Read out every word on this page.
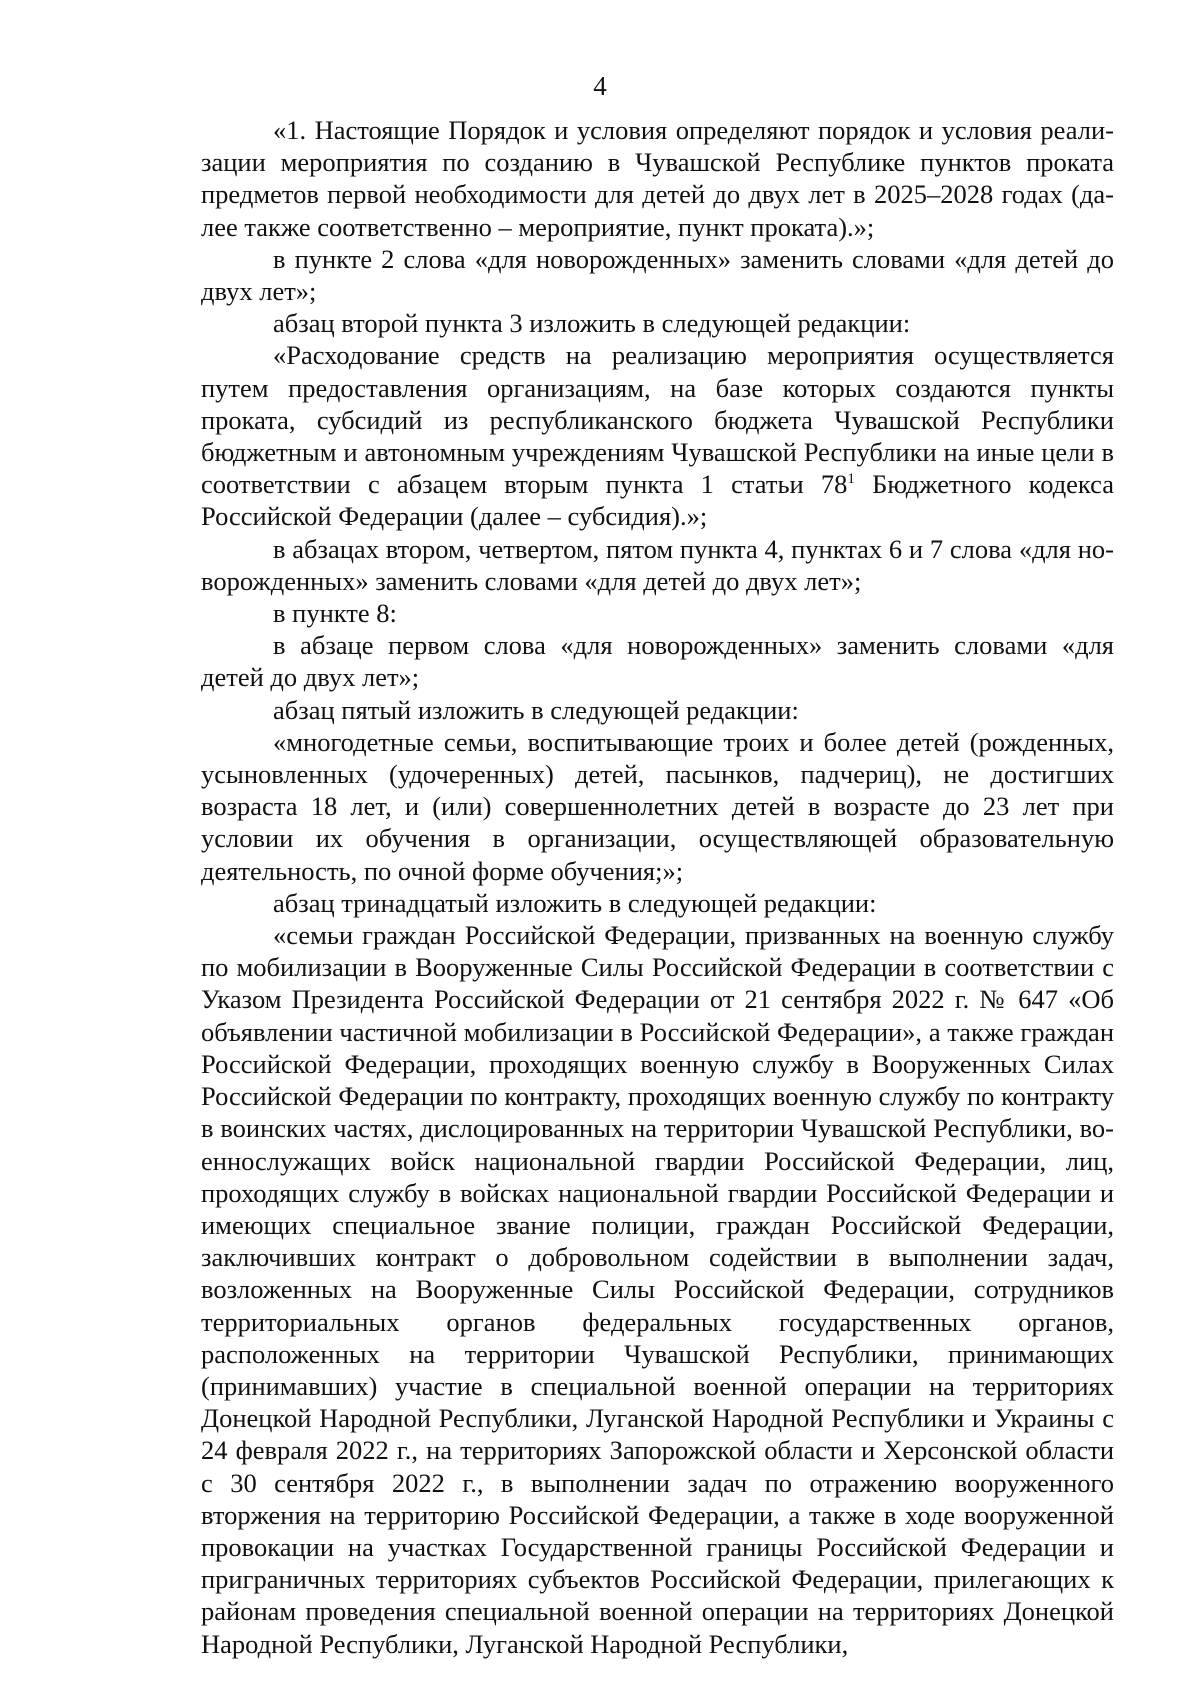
4

«1. Настоящие Порядок и условия определяют порядок и условия реализации мероприятия по созданию в Чувашской Республике пунктов проката предметов первой необходимости для детей до двух лет в 2025–2028 годах (далее также соответственно – мероприятие, пункт проката).»;

в пункте 2 слова «для новорожденных» заменить словами «для детей до двух лет»;

абзац второй пункта 3 изложить в следующей редакции:

«Расходование средств на реализацию мероприятия осуществляется путем предоставления организациям, на базе которых создаются пункты проката, субсидий из республиканского бюджета Чувашской Республики бюджетным и автономным учреждениям Чувашской Республики на иные цели в соответствии с абзацем вторым пункта 1 статьи $78^1$ Бюджетного кодекса Российской Федерации (далее – субсидия).»;

в абзацах втором, четвертом, пятом пункта 4, пунктах 6 и 7 слова «для новорожденных» заменить словами «для детей до двух лет»;

в пункте 8:

в абзаце первом слова «для новорожденных» заменить словами «для детей до двух лет»;

абзац пятый изложить в следующей редакции:

«многодетные семьи, воспитывающие троих и более детей (рожденных, усыновленных (удочеренных) детей, пасынков, падчериц), не достигших возраста 18 лет, и (или) совершеннолетних детей в возрасте до 23 лет при условии их обучения в организации, осуществляющей образовательную деятельность, по очной форме обучения;»;

абзац тринадцатый изложить в следующей редакции:

«семьи граждан Российской Федерации, призванных на военную службу по мобилизации в Вооруженные Силы Российской Федерации в соответствии с Указом Президента Российской Федерации от 21 сентября 2022 г. № 647 «Об объявлении частичной мобилизации в Российской Федерации», а также граждан Российской Федерации, проходящих военную службу в Вооруженных Силах Российской Федерации по контракту, проходящих военную службу по контракту в воинских частях, дислоцированных на территории Чувашской Республики, военнослужащих войск национальной гвардии Российской Федерации, лиц, проходящих службу в войсках национальной гвардии Российской Федерации и имеющих специальное звание полиции, граждан Российской Федерации, заключивших контракт о добровольном содействии в выполнении задач, возложенных на Вооруженные Силы Российской Федерации, сотрудников территориальных органов федеральных государственных органов, расположенных на территории Чувашской Республики, принимающих (принимавших) участие в специальной военной операции на территориях Донецкой Народной Республики, Луганской Народной Республики и Украины с 24 февраля 2022 г., на территориях Запорожской области и Херсонской области с 30 сентября 2022 г., в выполнении задач по отражению вооруженного вторжения на территорию Российской Федерации, а также в ходе вооруженной провокации на участках Государственной границы Российской Федерации и приграничных территориях субъектов Российской Федерации, прилегающих к районам проведения специальной военной операции на территориях Донецкой Народной Республики, Луганской Народной Республики,
